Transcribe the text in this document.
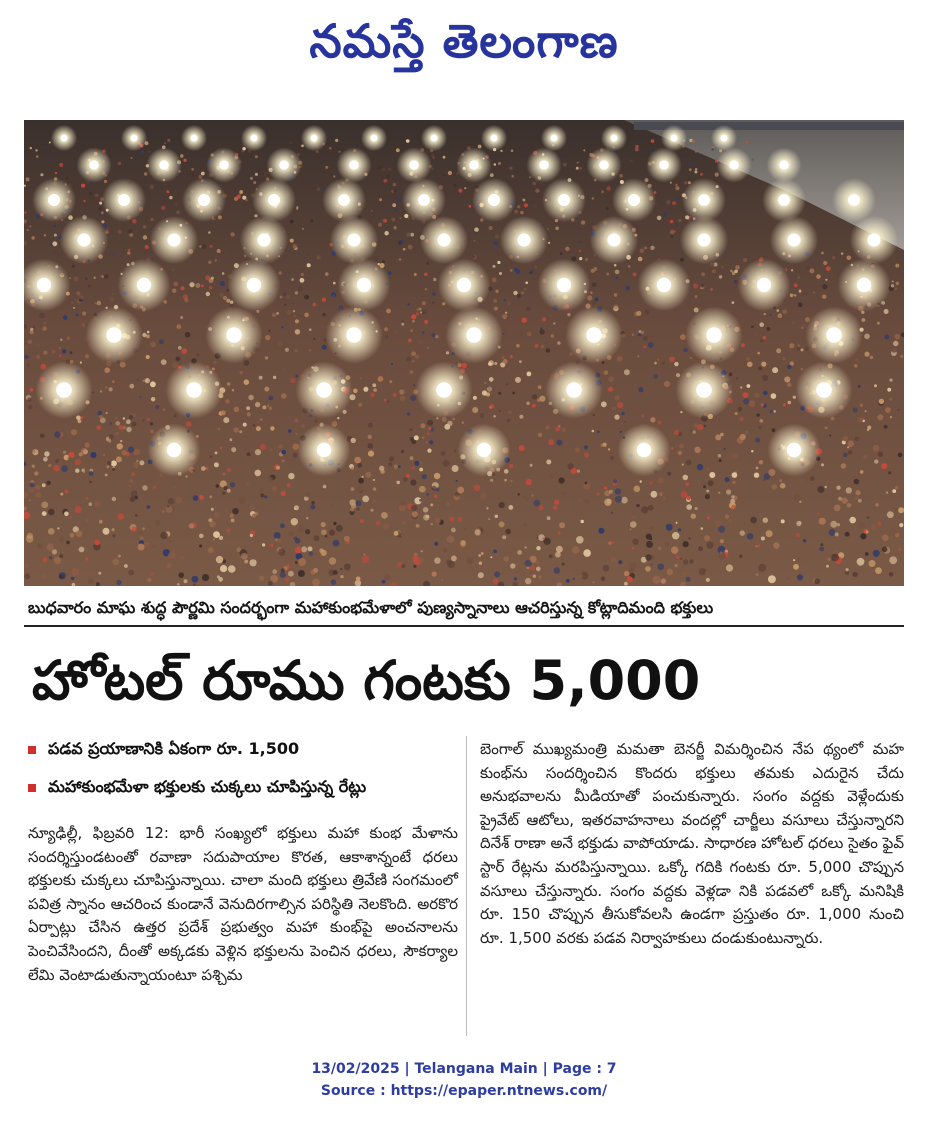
నమస్తే తెలంగాణ
బుధవారం మాఘ శుద్ధ పౌర్ణమి సందర్భంగా మహాకుంభమేళాలో పుణ్యస్నానాలు ఆచరిస్తున్న కోట్లాదిమంది భక్తులు
హోటల్ రూము గంటకు 5,000
పడవ ప్రయాణానికి ఏకంగా రూ. 1,500
మహాకుంభమేళా భక్తులకు చుక్కలు చూపిస్తున్న రేట్లు
న్యూఢిల్లీ, ఫిబ్రవరి 12: భారీ సంఖ్యలో భక్తులు మహా కుంభ మేళాను సందర్శిస్తుండటంతో రవాణా సదుపాయాల కొరత, ఆకాశాన్నంటే ధరలు భక్తులకు చుక్కలు చూపిస్తున్నాయి. చాలా మంది భక్తులు త్రివేణి సంగమంలో పవిత్ర స్నానం ఆచరించ కుండానే వెనుదిరగాల్సిన పరిస్థితి నెలకొంది. అరకొర ఏర్పాట్లు చేసిన ఉత్తర ప్రదేశ్ ప్రభుత్వం మహా కుంభ్‌పై అంచనాలను పెంచివేసిందని, దీంతో అక్కడకు వెళ్లిన భక్తులను పెంచిన ధరలు, సౌకర్యాల లేమి వెంటాడుతున్నాయంటూ పశ్చిమ
బెంగాల్ ముఖ్యమంత్రి మమతా బెనర్జీ విమర్శించిన నేప థ్యంలో మహ కుంభ్‌ను సందర్శించిన కొందరు భక్తులు తమకు ఎదురైన చేదు అనుభవాలను మీడియాతో పంచుకున్నారు. సంగం వద్దకు వెళ్లేందుకు ప్రైవేట్ ఆటోలు, ఇతరవాహనాలు వందల్లో చార్జీలు వసూలు చేస్తున్నారని దినేశ్ రాణా అనే భక్తుడు వాపోయాడు. సాధారణ హోటల్ ధరలు సైతం ఫైవ్ స్టార్ రేట్లను మరపిస్తున్నాయి. ఒక్కో గదికి గంటకు రూ. 5,000 చొప్పున వసూలు చేస్తున్నారు. సంగం వద్దకు వెళ్లడా నికి పడవలో ఒక్కో మనిషికి రూ. 150 చొప్పున తీసుకోవలసి ఉండగా ప్రస్తుతం రూ. 1,000 నుంచి రూ. 1,500 వరకు పడవ నిర్వాహకులు దండుకుంటున్నారు.
13/02/2025 | Telangana Main | Page : 7
Source : https://epaper.ntnews.com/
